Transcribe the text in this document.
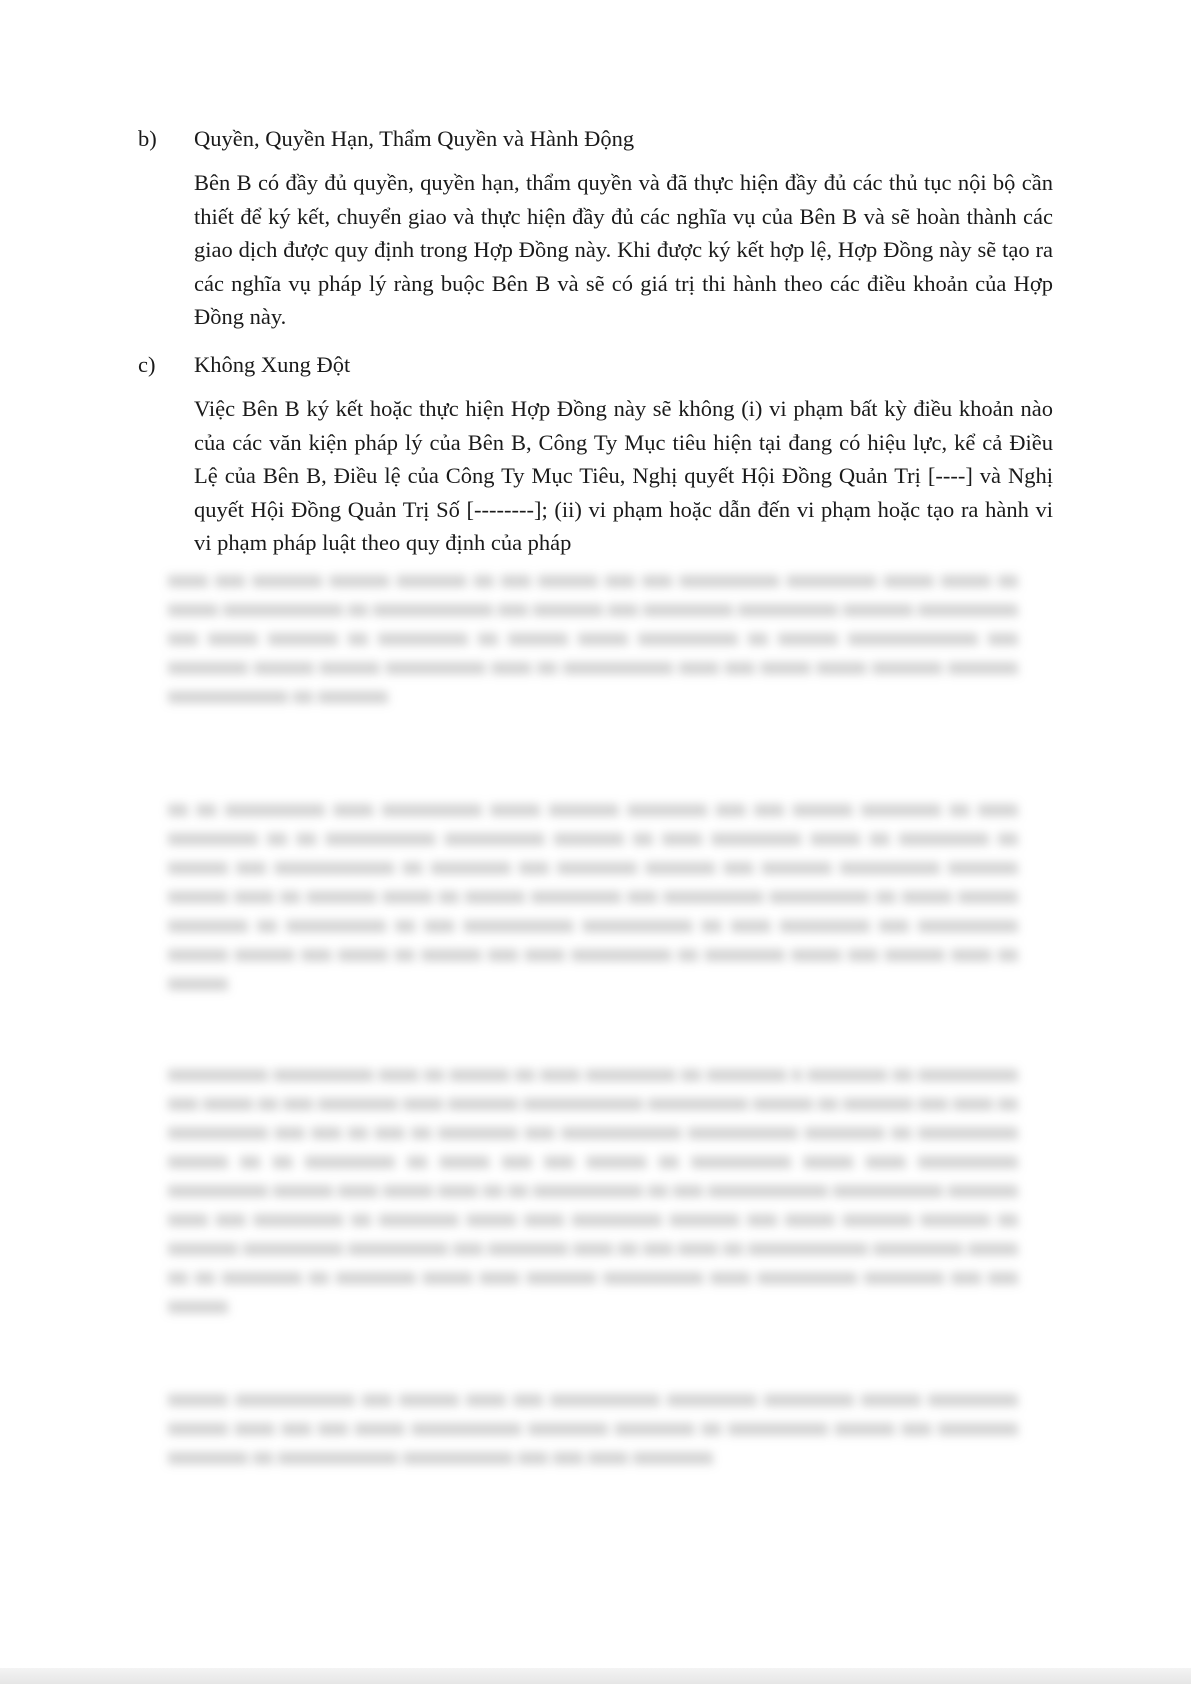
b)	Quyền, Quyền Hạn, Thẩm Quyền và Hành Động

Bên B có đầy đủ quyền, quyền hạn, thẩm quyền và đã thực hiện đầy đủ các thủ tục nội bộ cần thiết để ký kết, chuyển giao và thực hiện đầy đủ các nghĩa vụ của Bên B và sẽ hoàn thành các giao dịch được quy định trong Hợp Đồng này. Khi được ký kết hợp lệ, Hợp Đồng này sẽ tạo ra các nghĩa vụ pháp lý ràng buộc Bên B và sẽ có giá trị thi hành theo các điều khoản của Hợp Đồng này.

c)	Không Xung Đột

Việc Bên B ký kết hoặc thực hiện Hợp Đồng này sẽ không (i) vi phạm bất kỳ điều khoản nào của các văn kiện pháp lý của Bên B, Công Ty Mục tiêu hiện tại đang có hiệu lực, kể cả Điều Lệ của Bên B, Điều lệ của Công Ty Mục Tiêu, Nghị quyết Hội Đồng Quản Trị [----] và Nghị quyết Hội Đồng Quản Trị Số [--------]; (ii) vi phạm hoặc dẫn đến vi phạm hoặc tạo ra hành vi vi phạm pháp luật theo quy định của pháp

xxxx xxx xxxxxxx xxxxxx xxxxxxx xx xxx xxxxxx xxx xxx xxxxxxxxxx xxxxxxxxx xxxxx xxxxx xx xxxxx xxxxxxxxxxxx xx xxxxxxxxxxxx xxx xxxxxxx xxx xxxxxxxxx xxxxxxxxxx xxxxxxx xxxxxxxxxx xxx xxxxx xxxxxxx xx xxxxxxxxx xx xxxxxx xxxxx xxxxxxxxxx xx xxxxxx xxxxxxxxxxxxx xxx xxxxxxxx xxxxxx xxxxxx xxxxxxxxxx xxxx xx xxxxxxxxxxx xxxx xxx xxxxx xxxxx xxxxxxx xxxxxxx xxxxxxxxxxxx xx xxxxxxx

xx xx xxxxxxxxxx xxxx xxxxxxxxxx xxxxx xxxxxxx xxxxxxxx xxx xxx xxxxxx xxxxxxxx xx xxxx xxxxxxxxx xx xx xxxxxxxxxxx xxxxxxxxxx xxxxxxx xx xxxx xxxxxxxxx xxxxx xx xxxxxxxxx xx xxxxxx xxx xxxxxxxxxxxx xx xxxxxxxx xxx xxxxxxxx xxxxxxx xxx xxxxxxx xxxxxxxxxx xxxxxxx xxxxxx xxxx xx xxxxxxx xxxxx xx xxxxxx xxxxxxxxx xxx xxxxxxxxxx xxxxxxxxxx xx xxxxx xxxxxx xxxxxxxx xx xxxxxxxxxx xx xxx xxxxxxxxxxx xxxxxxxxxxx xx xxxx xxxxxxxxx xxx xxxxxxxxxx xxxxxx xxxxxx xxx xxxxx xx xxxxxx xxx xxxx xxxxxxxxxx xx xxxxxxxx xxxxx xxx xxxxxx xxxx xx xxxxxx

xxxxxxxxxx xxxxxxxxxx xxxx xx xxxxxx xx xxxx xxxxxxxxx xx xxxxxxxx x xxxxxxxx xx xxxxxxxxxx xxx xxxxx xx xxx xxxxxxxx xxxx xxxxxxx xxxxxxxxxxxx xxxxxxxxxx xxxxxx xx xxxxxxx xxx xxxx xx xxxxxxxxxx xxx xxx xx xxx xx xxxxxxxx xxx xxxxxxxxxxxx xxxxxxxxxxx xxxxxxxx xx xxxxxxxxxx xxxxxx xx xx xxxxxxxxx xx xxxxx xxx xxx xxxxxx xx xxxxxxxxxx xxxxx xxxx xxxxxxxxxx xxxxxxxxxx xxxxxx xxxx xxxxx xxxx xx xx xxxxxxxxxxx xx xxx xxxxxxxxxxxx xxxxxxxxxxx xxxxxxx xxxx xxx xxxxxxxxx xx xxxxxxxx xxxxx xxxx xxxxxxxxx xxxxxxx xxx xxxxx xxxxxxx xxxxxxx xx xxxxxxx xxxxxxxxxx xxxxxxxxxx xxx xxxxxxxx xxxx xx xxx xxxx xx xxxxxxxxxxxx xxxxxxxxx xxxxx xx xx xxxxxxxx xx xxxxxxxx xxxxx xxxx xxxxxxx xxxxxxxxxx xxxx xxxxxxxxxx xxxxxxxx xxx xxx xxxxxx

xxxxxx xxxxxxxxxxxx xxx xxxxxx xxxx xxx xxxxxxxxxxx xxxxxxxxx xxxxxxxxx xxxxxx xxxxxxxxx xxxxxx xxxx xxx xxx xxxxx xxxxxxxxxxx xxxxxxxx xxxxxxxx xx xxxxxxxxxx xxxxxx xxx xxxxxxxx xxxxxxxx xx xxxxxxxxxxxx xxxxxxxxxxx xxx xxx xxxx xxxxxxxx
